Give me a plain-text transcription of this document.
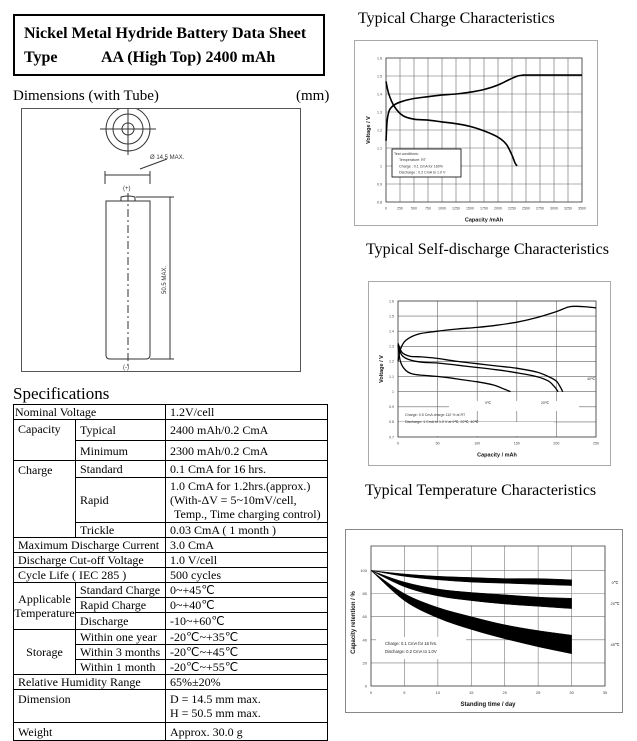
Nickel Metal Hydride Battery Data Sheet
Type	AA (High Top) 2400 mAh
Dimensions (with Tube)	(mm)
Ø 14.5 MAX.
(+)
(-)
50.5 MAX.
Specifications
Nominal Voltage		1.2V/cell
Capacity	Typical	2400 mAh/0.2 CmA
	Minimum	2300 mAh/0.2 CmA
Charge	Standard	0.1 CmA for 16 hrs.
	Rapid	1.0 CmA for 1.2hrs.(approx.)
(With-ΔV = 5~10mV/cell,
Temp., Time charging control)

	Trickle	0.03 CmA ( 1 month )
Maximum Discharge Current		3.0 CmA
Discharge Cut-off Voltage		1.0 V/cell
Cycle Life ( IEC 285 )		500 cycles

Applicable
Temperature	Standard Charge	0~+45℃
	Rapid Charge	0~+40℃
	Discharge	-10~+60℃
Storage	Within one year	-20℃~+35℃
	Within 3 months	-20℃~+45℃
	Within 1 month	-20℃~+55℃
Relative Humidity Range		65%±20%
Dimension		D = 14.5 mm max.
H = 50.5 mm max.

Weight		Approx. 30.0 g
Typical Charge Characteristics
0	250 500 750 1000 1250 1500 1750 2000 2250 2500 2750 3000 3250 3500
1.6
1.5
1.4
1.3
1.2
1.1
1
0.9
0.8
Capacity /mAh
Voltage / V
Test conditions:
Temperature: RT
Charge : 0.1 CmA for 160%
Discharge : 0.2 CmA to 1.0 V
Typical Self-discharge Characteristics
0	50	100	150	200	250
1.6
1.5
1.4
1.3
1.2
1.1
1
0.9
0.8
0.7
Capacity / mAh
Voltage / V
Charge: 0.5 CmA charge 110 % at RT
Discharge: 1 CmA to 1.0 V at 0℃, 20℃, 40℃
0℃	20℃
40℃
Typical Temperature Characteristics
0	5	10	15	20	25	30	35
100
80
60
40
20
0
Standing time / day
Capacity retention / %
0℃
20℃
45℃
Charge: 0.1 CmA for 16 hrs.
Discharge: 0.2 CmA to 1.0V
